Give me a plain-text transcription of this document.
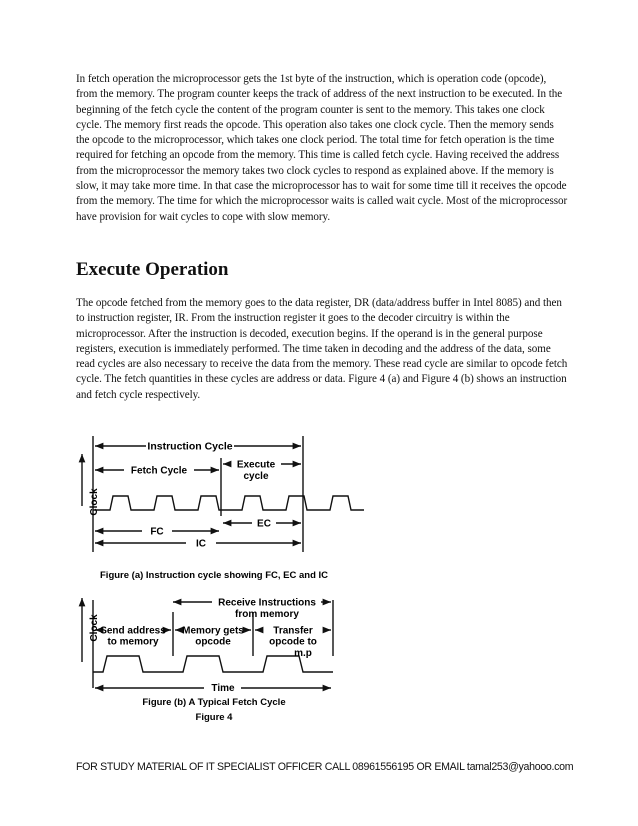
In fetch operation the microprocessor gets the 1st byte of the instruction, which is operation code (opcode), from the memory. The program counter keeps the track of address of the next instruction to be executed. In the beginning of the fetch cycle the content of the program counter is sent to the memory. This takes one clock cycle. The memory first reads the opcode. This operation also takes one clock cycle. Then the memory sends the opcode to the microprocessor, which takes one clock period. The total time for fetch operation is the time required for fetching an opcode from the memory. This time is called fetch cycle. Having received the address from the microprocessor the memory takes two clock cycles to respond as explained above. If the memory is slow, it may take more time. In that case the microprocessor has to wait for some time till it receives the opcode from the memory. The time for which the microprocessor waits is called wait cycle. Most of the microprocessor have provision for wait cycles to cope with slow memory.

Execute Operation

The opcode fetched from the memory goes to the data register, DR (data/address buffer in Intel 8085) and then to instruction register, IR. From the instruction register it goes to the decoder circuitry is within the microprocessor. After the instruction is decoded, execution begins. If the operand is in the general purpose registers, execution is immediately performed. The time taken in decoding and the address of the data, some read cycles are also necessary to receive the data from the memory. These read cycle are similar to opcode fetch cycle. The fetch quantities in these cycles are address or data. Figure 4 (a) and Figure 4 (b) shows an instruction and fetch cycle respectively.

Instruction Cycle
Fetch Cycle
Execute
cycle
Clock
FC
EC
IC
Figure (a) Instruction cycle showing FC, EC and IC
Receive Instructions
from memory
Send address
to memory
Memory gets
opcode
Transfer
opcode to
m.p
Clock
Time
Figure (b) A Typical Fetch Cycle
Figure 4
FOR STUDY MATERIAL OF IT SPECIALIST OFFICER CALL 08961556195 OR EMAIL tamal253@yahooo.com
